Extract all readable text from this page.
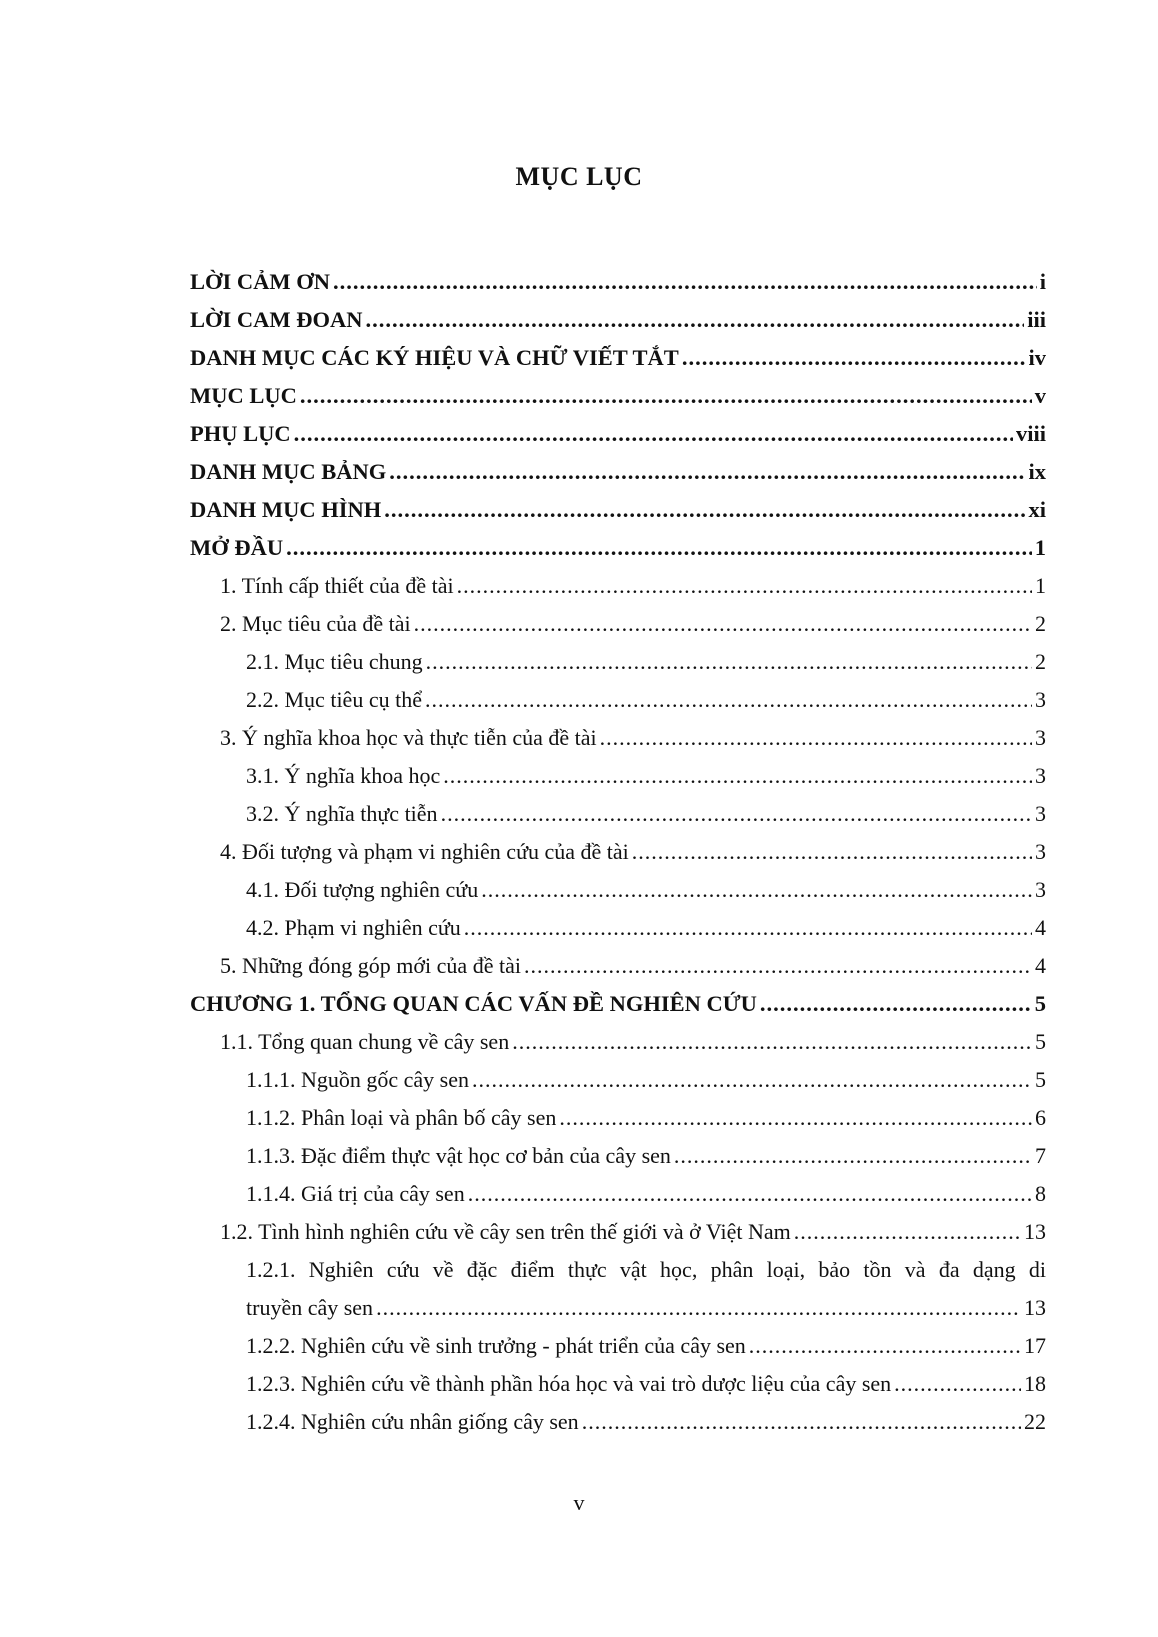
MỤC LỤC
LỜI CẢM ƠN .....	i
LỜI CAM ĐOAN .....	iii
DANH MỤC CÁC KÝ HIỆU VÀ CHỮ VIẾT TẮT .....	iv
MỤC LỤC .....	v
PHỤ LỤC .....	viii
DANH MỤC BẢNG .....	ix
DANH MỤC HÌNH .....	xi
MỞ ĐẦU .....	1
1. Tính cấp thiết của đề tài .....	1
2. Mục tiêu của đề tài .....	2
2.1. Mục tiêu chung .....	2
2.2. Mục tiêu cụ thể .....	3
3. Ý nghĩa khoa học và thực tiễn của đề tài .....	3
3.1. Ý nghĩa khoa học .....	3
3.2. Ý nghĩa thực tiễn .....	3
4. Đối tượng và phạm vi nghiên cứu của đề tài .....	3
4.1. Đối tượng nghiên cứu .....	3
4.2. Phạm vi nghiên cứu .....	4
5. Những đóng góp mới của đề tài .....	4
CHƯƠNG 1. TỔNG QUAN CÁC VẤN ĐỀ NGHIÊN CỨU .....	5
1.1. Tổng quan chung về cây sen .....	5
1.1.1. Nguồn gốc cây sen .....	5
1.1.2. Phân loại và phân bố cây sen .....	6
1.1.3. Đặc điểm thực vật học cơ bản của cây sen .....	7
1.1.4. Giá trị của cây sen .....	8
1.2. Tình hình nghiên cứu về cây sen trên thế giới và ở Việt Nam .....	13
1.2.1. Nghiên cứu về đặc điểm thực vật học, phân loại, bảo tồn và đa dạng di
truyền cây sen .....	13
1.2.2. Nghiên cứu về sinh trưởng - phát triển của cây sen .....	17
1.2.3. Nghiên cứu về thành phần hóa học và vai trò dược liệu của cây sen .....	18
1.2.4. Nghiên cứu nhân giống cây sen .....	22
v
